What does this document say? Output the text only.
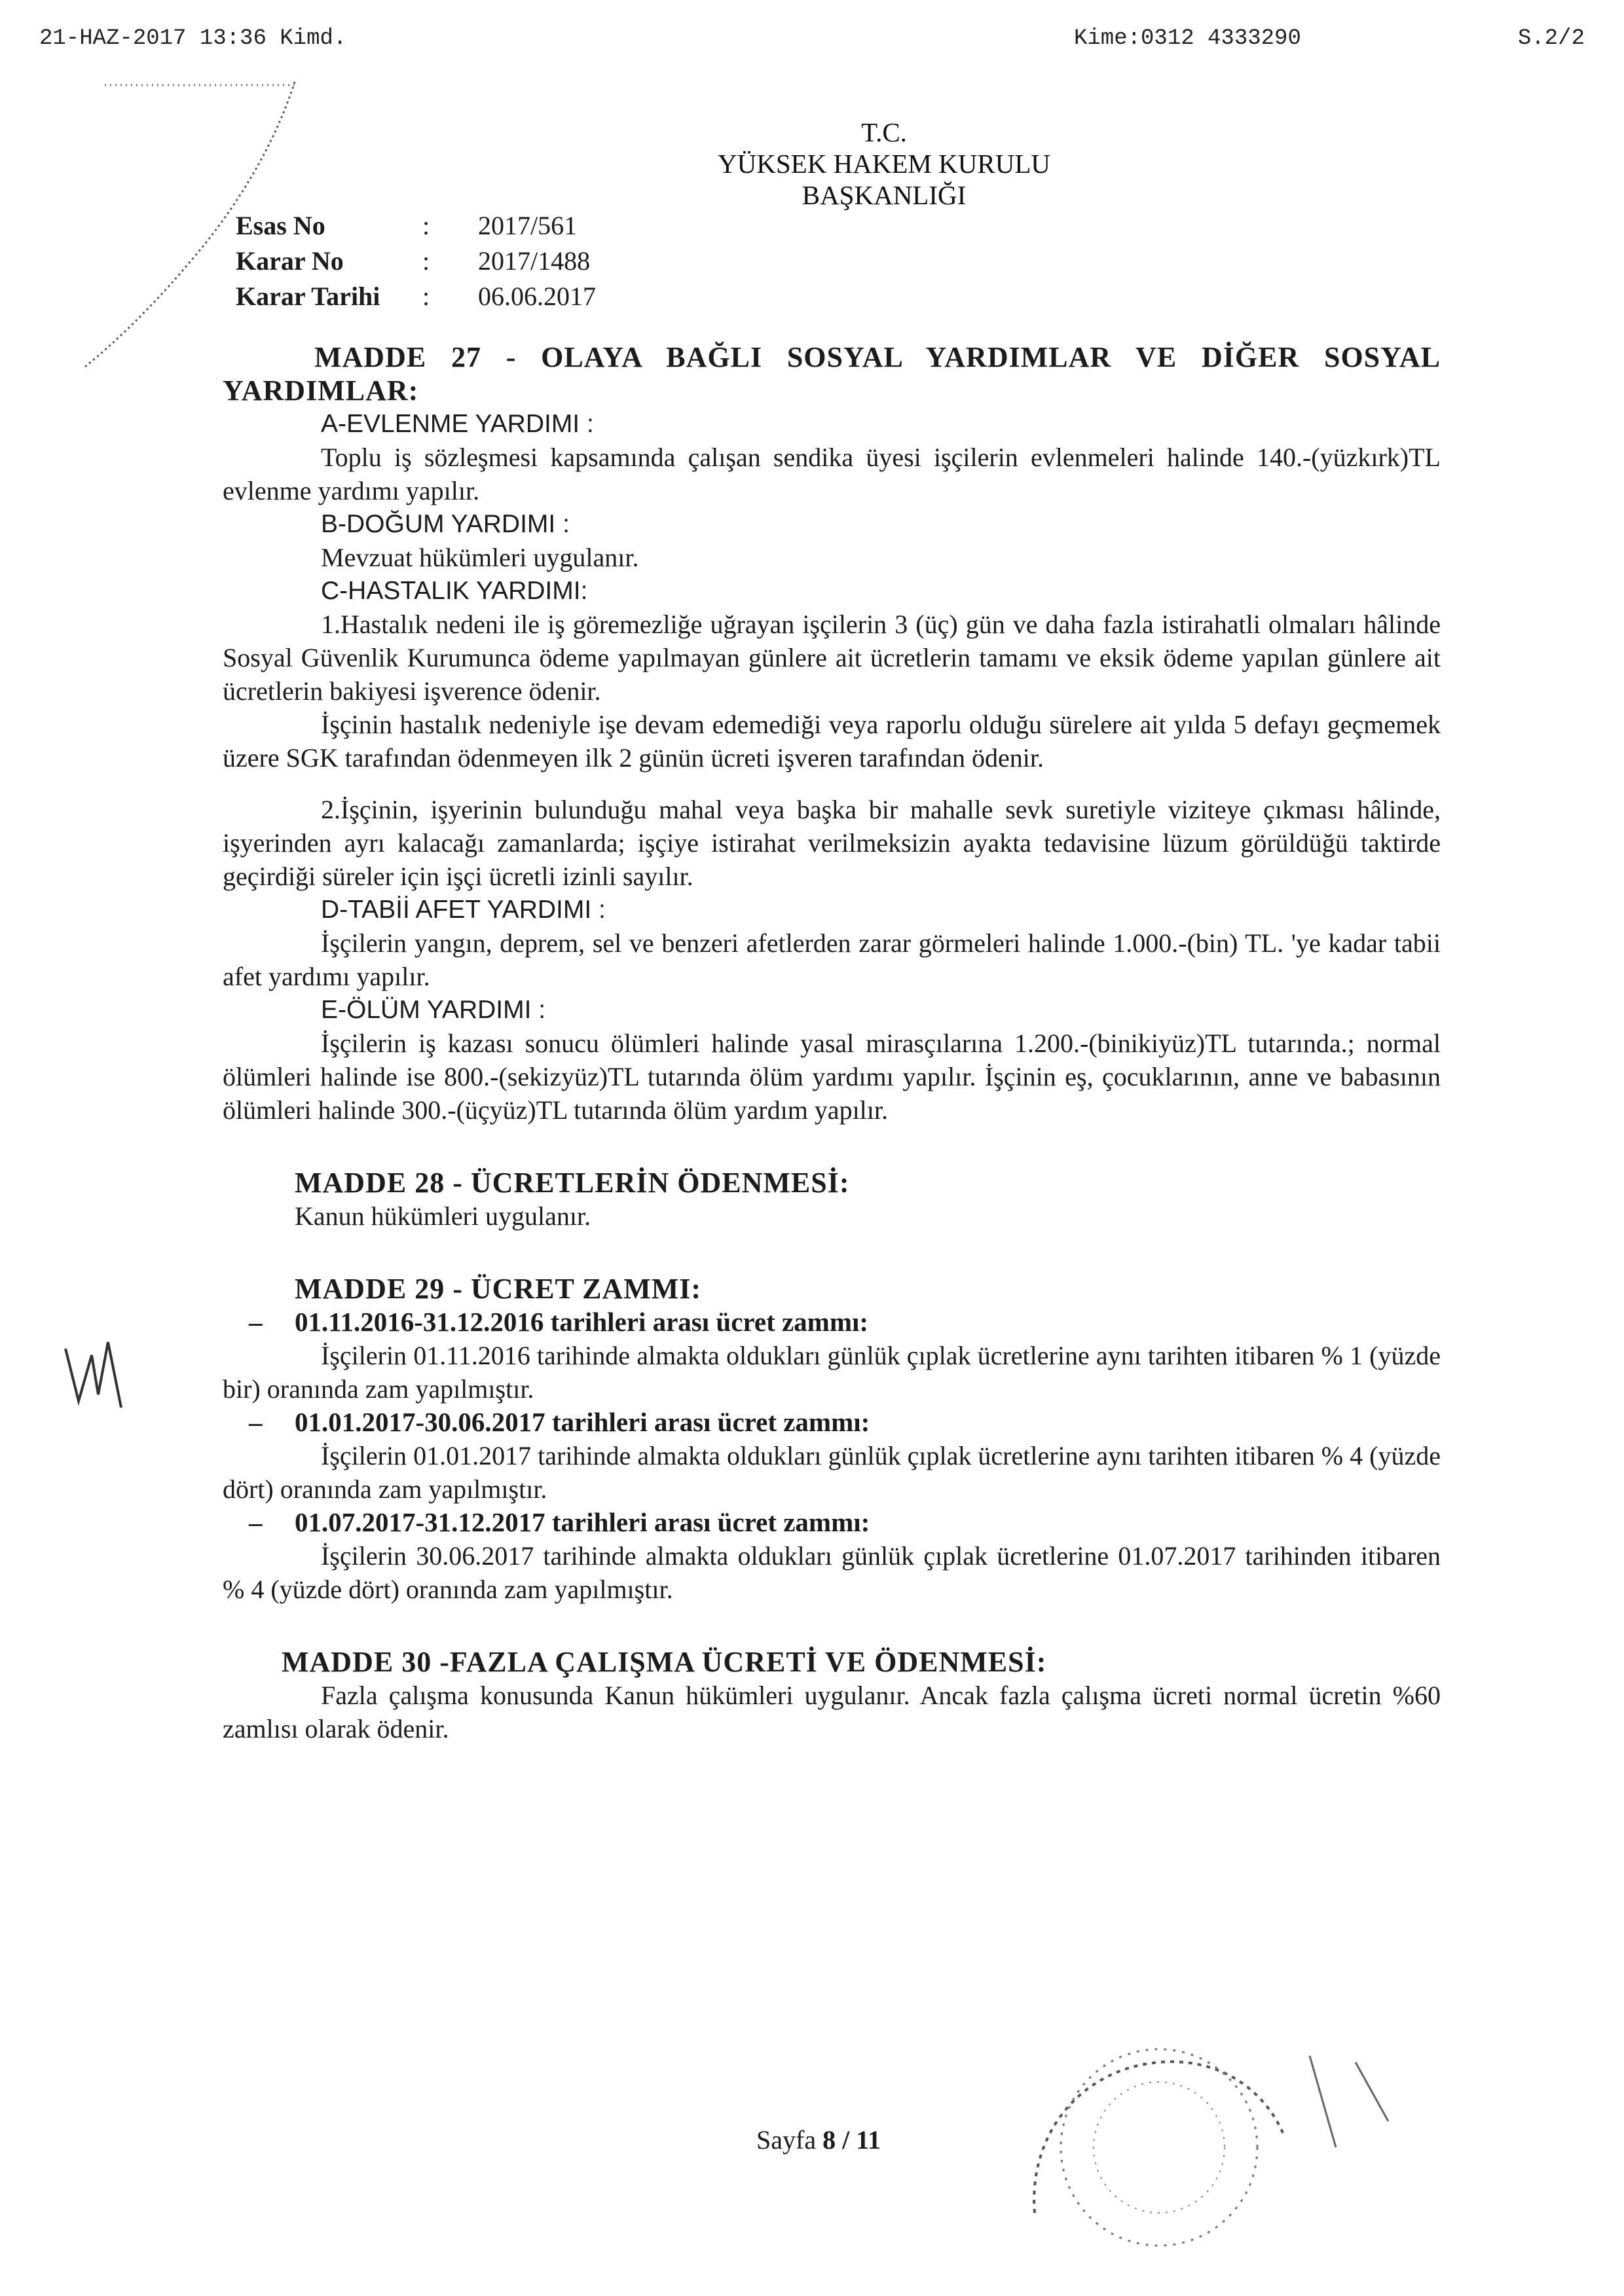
21-HAZ-2017 13:36 Kimd.	Kime:0312 4333290	S.2/2
T.C.
YÜKSEK HAKEM KURULU
BAŞKANLIĞI
Esas No	: 2017/561
Karar No	: 2017/1488
Karar Tarihi : 06.06.2017

MADDE 27 - OLAYA BAĞLI SOSYAL YARDIMLAR VE DİĞER SOSYAL YARDIMLAR:

A-EVLENME YARDIMI :

Toplu iş sözleşmesi kapsamında çalışan sendika üyesi işçilerin evlenmeleri halinde 140.-(yüzkırk)TL evlenme yardımı yapılır.

B-DOĞUM YARDIMI :

Mevzuat hükümleri uygulanır.

C-HASTALIK YARDIMI:

1.Hastalık nedeni ile iş göremezliğe uğrayan işçilerin 3 (üç) gün ve daha fazla istirahatli olmaları hâlinde Sosyal Güvenlik Kurumunca ödeme yapılmayan günlere ait ücretlerin tamamı ve eksik ödeme yapılan günlere ait ücretlerin bakiyesi işverence ödenir.

İşçinin hastalık nedeniyle işe devam edemediği veya raporlu olduğu sürelere ait yılda 5 defayı geçmemek üzere SGK tarafından ödenmeyen ilk 2 günün ücreti işveren tarafından ödenir.

2.İşçinin, işyerinin bulunduğu mahal veya başka bir mahalle sevk suretiyle viziteye çıkması hâlinde, işyerinden ayrı kalacağı zamanlarda; işçiye istirahat verilmeksizin ayakta tedavisine lüzum görüldüğü taktirde geçirdiği süreler için işçi ücretli izinli sayılır.

D-TABİİ AFET YARDIMI :

İşçilerin yangın, deprem, sel ve benzeri afetlerden zarar görmeleri halinde 1.000.-(bin) TL. 'ye kadar tabii afet yardımı yapılır.

E-ÖLÜM YARDIMI :

İşçilerin iş kazası sonucu ölümleri halinde yasal mirasçılarına 1.200.-(binikiyüz)TL tutarında.; normal ölümleri halinde ise 800.-(sekizyüz)TL tutarında ölüm yardımı yapılır. İşçinin eş, çocuklarının, anne ve babasının ölümleri halinde 300.-(üçyüz)TL tutarında ölüm yardım yapılır.

MADDE 28 - ÜCRETLERİN ÖDENMESİ:

Kanun hükümleri uygulanır.

MADDE 29 - ÜCRET ZAMMI:

– 01.11.2016-31.12.2016 tarihleri arası ücret zammı:

İşçilerin 01.11.2016 tarihinde almakta oldukları günlük çıplak ücretlerine aynı tarihten itibaren % 1 (yüzde bir) oranında zam yapılmıştır.

– 01.01.2017-30.06.2017 tarihleri arası ücret zammı:

İşçilerin 01.01.2017 tarihinde almakta oldukları günlük çıplak ücretlerine aynı tarihten itibaren % 4 (yüzde dört) oranında zam yapılmıştır.

– 01.07.2017-31.12.2017 tarihleri arası ücret zammı:

İşçilerin 30.06.2017 tarihinde almakta oldukları günlük çıplak ücretlerine 01.07.2017 tarihinden itibaren % 4 (yüzde dört) oranında zam yapılmıştır.

MADDE 30 -FAZLA ÇALIŞMA ÜCRETİ VE ÖDENMESİ:

Fazla çalışma konusunda Kanun hükümleri uygulanır. Ancak fazla çalışma ücreti normal ücretin %60 zamlısı olarak ödenir.

Sayfa 8 / 11
